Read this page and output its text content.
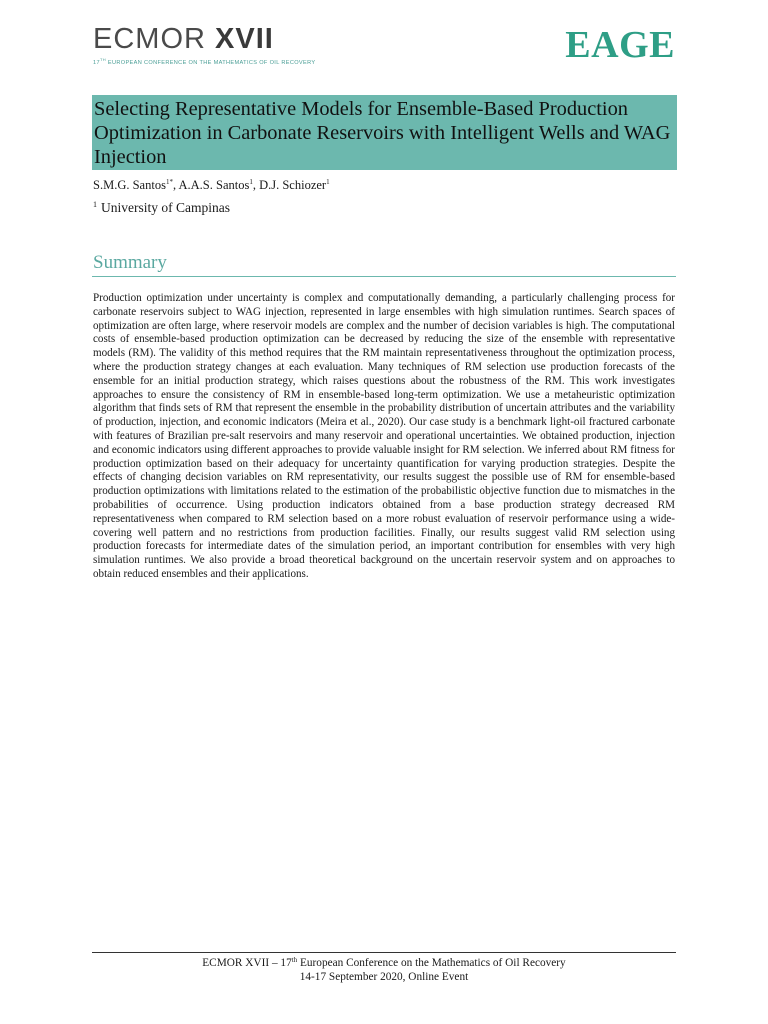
ECMOR XVII
17TH EUROPEAN CONFERENCE ON THE MATHEMATICS OF OIL RECOVERY	EAGE
Selecting Representative Models for Ensemble-Based Production Optimization in Carbonate Reservoirs with Intelligent Wells and WAG Injection
S.M.G. Santos$^{1*}$, A.A.S. Santos$^1$, D.J. Schiozer$^1$
$^1$ University of Campinas
Summary

Production optimization under uncertainty is complex and computationally demanding, a particularly challenging process for carbonate reservoirs subject to WAG injection, represented in large ensembles with high simulation runtimes. Search spaces of optimization are often large, where reservoir models are complex and the number of decision variables is high. The computational costs of ensemble-based production optimization can be decreased by reducing the size of the ensemble with representative models (RM). The validity of this method requires that the RM maintain representativeness throughout the optimization process, where the production strategy changes at each evaluation. Many techniques of RM selection use production forecasts of the ensemble for an initial production strategy, which raises questions about the robustness of the RM. This work investigates approaches to ensure the consistency of RM in ensemble-based long-term optimization. We use a metaheuristic optimization algorithm that finds sets of RM that represent the ensemble in the probability distribution of uncertain attributes and the variability of production, injection, and economic indicators (Meira et al., 2020). Our case study is a benchmark light-oil fractured carbonate with features of Brazilian pre-salt reservoirs and many reservoir and operational uncertainties. We obtained production, injection and economic indicators using different approaches to provide valuable insight for RM selection. We inferred about RM fitness for production optimization based on their adequacy for uncertainty quantification for varying production strategies. Despite the effects of changing decision variables on RM representativity, our results suggest the possible use of RM for ensemble-based production optimizations with limitations related to the estimation of the probabilistic objective function due to mismatches in the probabilities of occurrence. Using production indicators obtained from a base production strategy decreased RM representativeness when compared to RM selection based on a more robust evaluation of reservoir performance using a wide-covering well pattern and no restrictions from production facilities. Finally, our results suggest valid RM selection using production forecasts for intermediate dates of the simulation period, an important contribution for ensembles with very high simulation runtimes. We also provide a broad theoretical background on the uncertain reservoir system and on approaches to obtain reduced ensembles and their applications.

ECMOR XVII – 17th European Conference on the Mathematics of Oil Recovery
14-17 September 2020, Online Event
